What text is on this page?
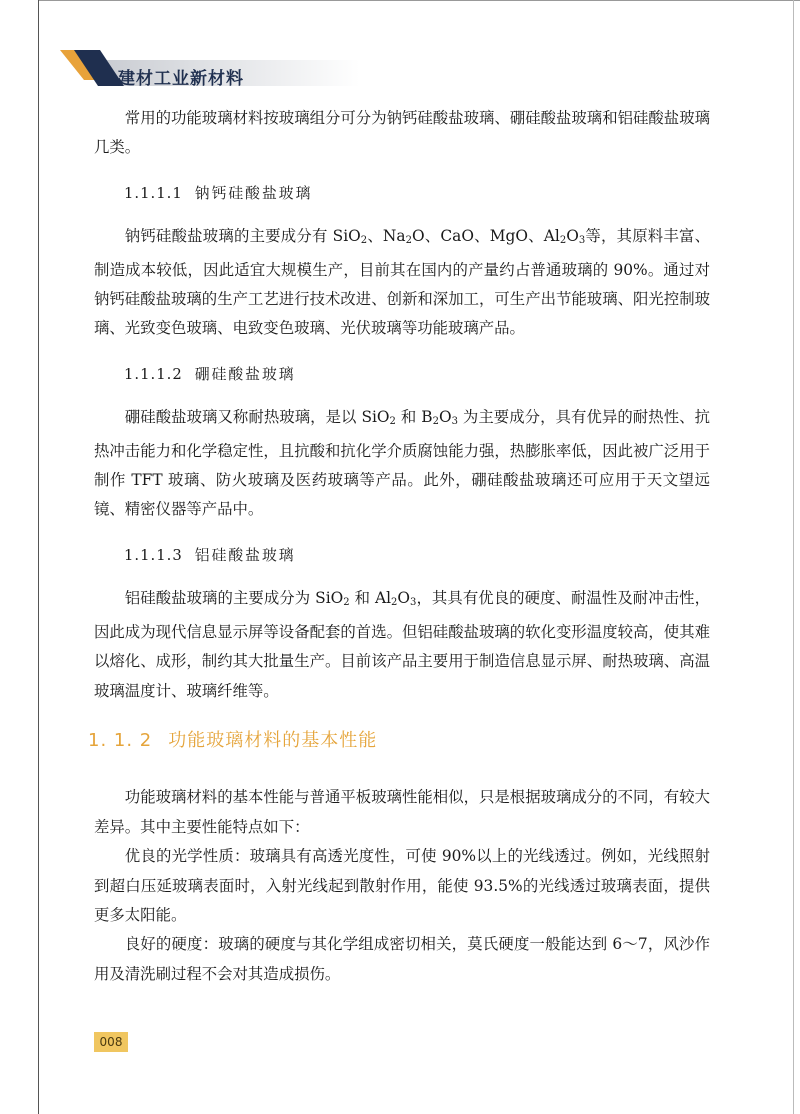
建材工业新材料

常用的功能玻璃材料按玻璃组分可分为钠钙硅酸盐玻璃、硼硅酸盐玻璃和铝硅酸盐玻璃几类。

1.1.1.1 钠钙硅酸盐玻璃

钠钙硅酸盐玻璃的主要成分有 SiO$_2$、$Na_2O$、CaO、MgO、$Al_2O_3$等，其原料丰富、制造成本较低，因此适宜大规模生产，目前其在国内的产量约占普通玻璃的 90%。通过对钠钙硅酸盐玻璃的生产工艺进行技术改进、创新和深加工，可生产出节能玻璃、阳光控制玻璃、光致变色玻璃、电致变色玻璃、光伏玻璃等功能玻璃产品。

1.1.1.2 硼硅酸盐玻璃

硼硅酸盐玻璃又称耐热玻璃，是以 SiO$_2$ 和 $B_2O_3$ 为主要成分，具有优异的耐热性、抗热冲击能力和化学稳定性，且抗酸和抗化学介质腐蚀能力强，热膨胀率低，因此被广泛用于制作 TFT 玻璃、防火玻璃及医药玻璃等产品。此外，硼硅酸盐玻璃还可应用于天文望远镜、精密仪器等产品中。

1.1.1.3 铝硅酸盐玻璃

铝硅酸盐玻璃的主要成分为 SiO$_2$ 和 $Al_2O_3$，其具有优良的硬度、耐温性及耐冲击性，因此成为现代信息显示屏等设备配套的首选。但铝硅酸盐玻璃的软化变形温度较高，使其难以熔化、成形，制约其大批量生产。目前该产品主要用于制造信息显示屏、耐热玻璃、高温玻璃温度计、玻璃纤维等。

1. 1. 2 功能玻璃材料的基本性能

功能玻璃材料的基本性能与普通平板玻璃性能相似，只是根据玻璃成分的不同，有较大差异。其中主要性能特点如下：

优良的光学性质：玻璃具有高透光度性，可使 90%以上的光线透过。例如，光线照射到超白压延玻璃表面时，入射光线起到散射作用，能使 93.5%的光线透过玻璃表面，提供更多太阳能。

良好的硬度：玻璃的硬度与其化学组成密切相关，莫氏硬度一般能达到 6～7，风沙作用及清洗刷过程不会对其造成损伤。

008
